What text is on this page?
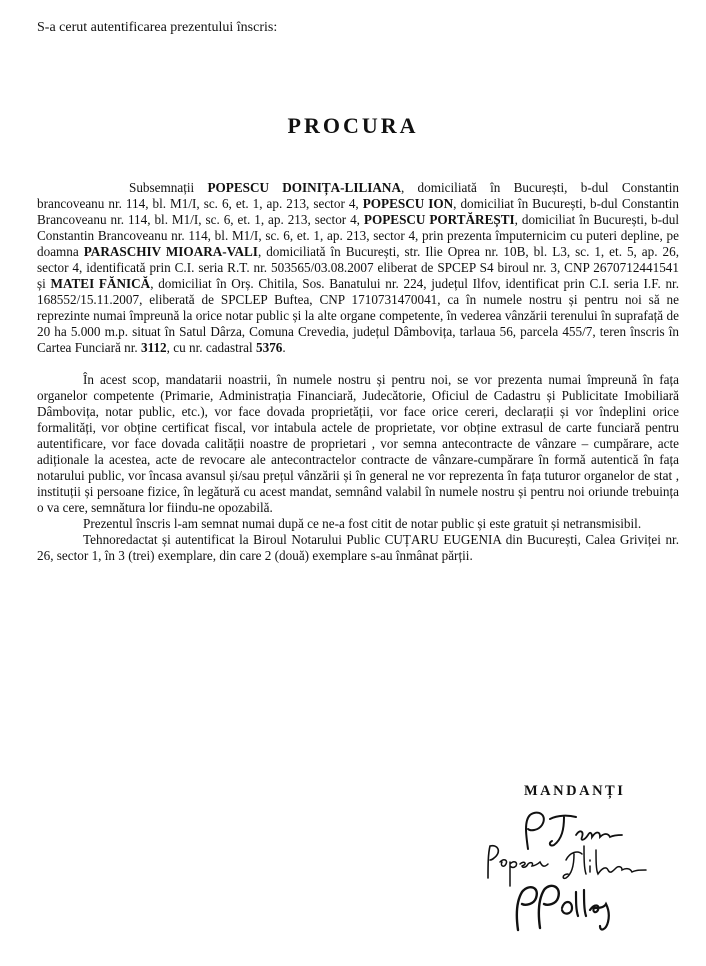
S-a cerut autentificarea prezentului înscris:
PROCURA

Subsemnații POPESCU DOINIȚA-LILIANA, domiciliată în București, b-dul Constantin brancoveanu nr. 114, bl. M1/I, sc. 6, et. 1, ap. 213, sector 4, POPESCU ION, domiciliat în București, b-dul Constantin Brancoveanu nr. 114, bl. M1/I, sc. 6, et. 1, ap. 213, sector 4, POPESCU PORTĂREȘTI, domiciliat în București, b-dul Constantin Brancoveanu nr. 114, bl. M1/I, sc. 6, et. 1, ap. 213, sector 4, prin prezenta împuternicim cu puteri depline, pe doamna PARASCHIV MIOARA-VALI, domiciliată în București, str. Ilie Oprea nr. 10B, bl. L3, sc. 1, et. 5, ap. 26, sector 4, identificată prin C.I. seria R.T. nr. 503565/03.08.2007 eliberat de SPCEP S4 biroul nr. 3, CNP 2670712441541 și MATEI FĂNICĂ, domiciliat în Orș. Chitila, Sos. Banatului nr. 224, județul Ilfov, identificat prin C.I. seria I.F. nr. 168552/15.11.2007, eliberată de SPCLEP Buftea, CNP 1710731470041, ca în numele nostru și pentru noi să ne reprezinte numai împreună la orice notar public și la alte organe competente, în vederea vânzării terenului în suprafață de 20 ha 5.000 m.p. situat în Satul Dârza, Comuna Crevedia, județul Dâmbovița, tarlaua 56, parcela 455/7, teren înscris în Cartea Funciară nr. 3112, cu nr. cadastral 5376.

În acest scop, mandatarii noastrii, în numele nostru și pentru noi, se vor prezenta numai împreună în fața organelor competente (Primarie, Administrația Financiară, Judecătorie, Oficiul de Cadastru și Publicitate Imobiliară Dâmbovița, notar public, etc.), vor face dovada proprietății, vor face orice cereri, declarații și vor îndeplini orice formalități, vor obține certificat fiscal, vor intabula actele de proprietate, vor obține extrasul de carte funciară pentru autentificare, vor face dovada calității noastre de proprietari , vor semna antecontracte de vânzare – cumpărare, acte adiționale la acestea, acte de revocare ale antecontractelor contracte de vânzare-cumpărare în formă autentică în fața notarului public, vor încasa avansul și/sau prețul vânzării și în general ne vor reprezenta în fața tuturor organelor de stat , instituții și persoane fizice, în legătură cu acest mandat, semnând valabil în numele nostru și pentru noi oriunde trebuința o va cere, semnătura lor fiindu-ne opozabilă.

Prezentul înscris l-am semnat numai după ce ne-a fost citit de notar public și este gratuit și netransmisibil.

Tehnoredactat și autentificat la Biroul Notarului Public CUȚARU EUGENIA din București, Calea Griviței nr. 26, sector 1, în 3 (trei) exemplare, din care 2 (două) exemplare s-au înmânat părții.

MANDANȚI
